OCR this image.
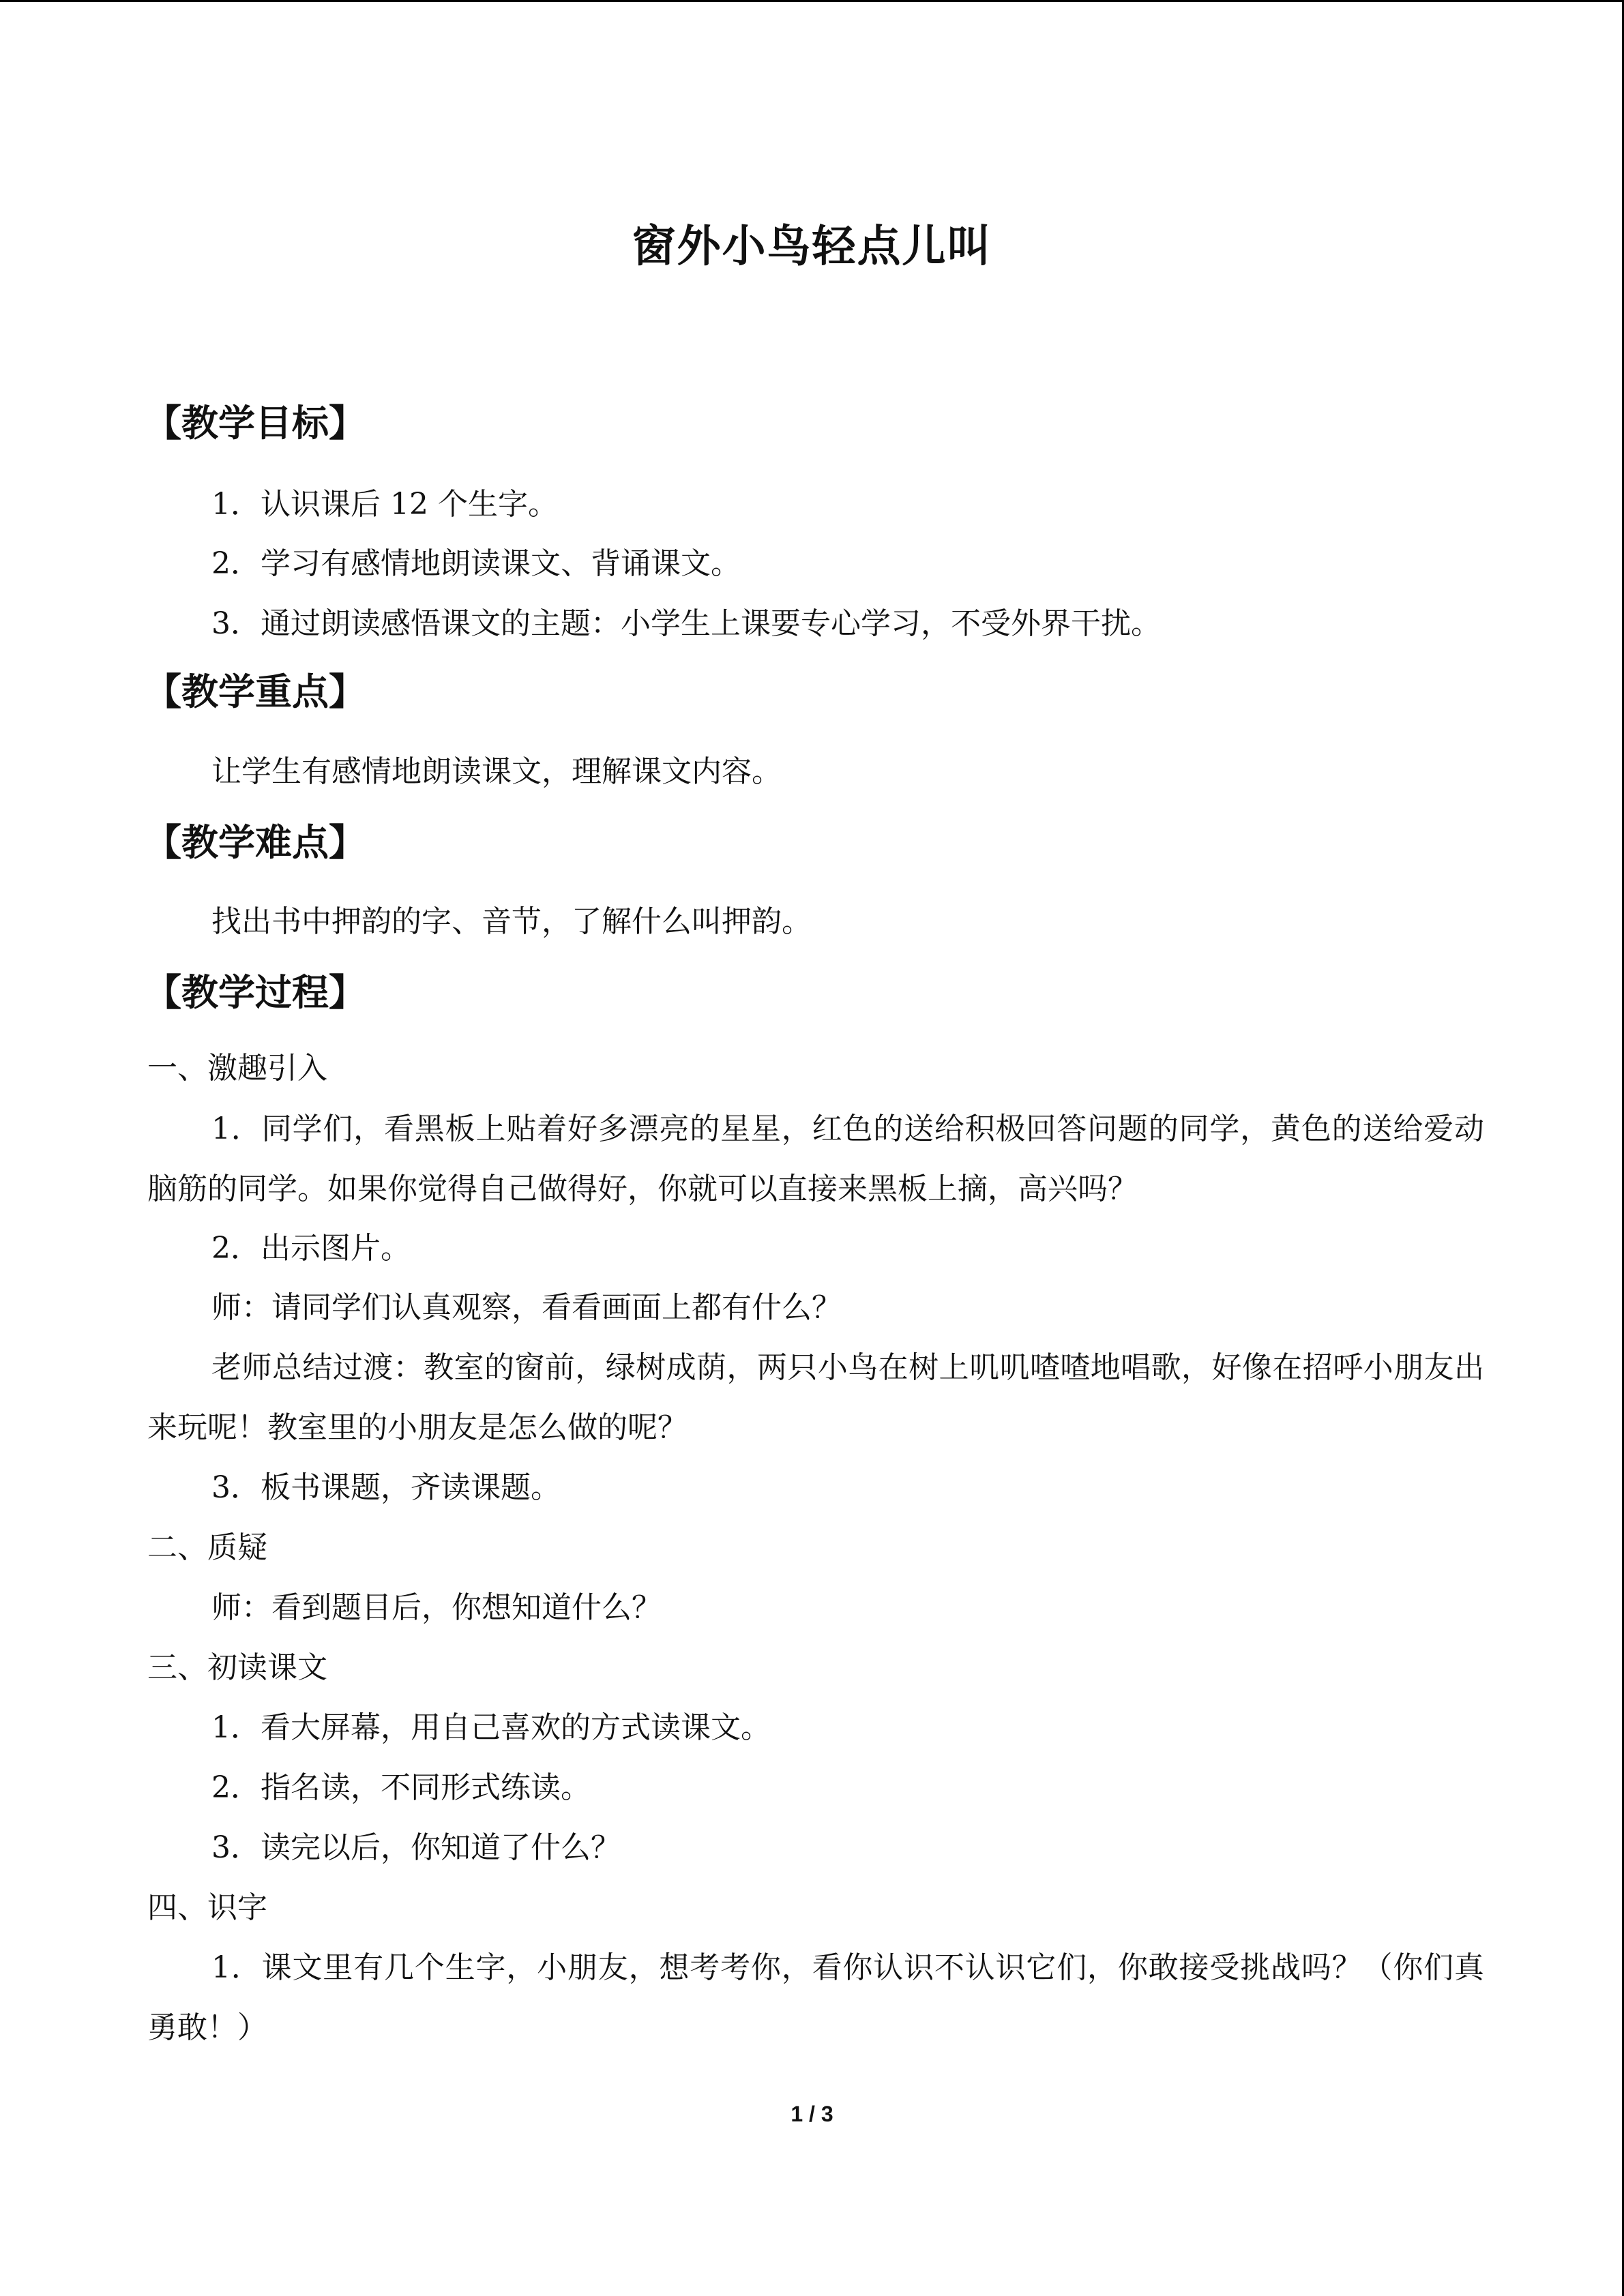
窗外小鸟轻点儿叫
【教学目标】
1．认识课后 12 个生字。
2．学习有感情地朗读课文、背诵课文。
3．通过朗读感悟课文的主题：小学生上课要专心学习，不受外界干扰。
【教学重点】
让学生有感情地朗读课文，理解课文内容。
【教学难点】
找出书中押韵的字、音节，了解什么叫押韵。
【教学过程】
一、激趣引入

1．同学们，看黑板上贴着好多漂亮的星星，红色的送给积极回答问题的同学，黄色的送给爱动脑筋的同学。如果你觉得自己做得好，你就可以直接来黑板上摘，高兴吗？

2．出示图片。
师：请同学们认真观察，看看画面上都有什么？

老师总结过渡：教室的窗前，绿树成荫，两只小鸟在树上叽叽喳喳地唱歌，好像在招呼小朋友出来玩呢！教室里的小朋友是怎么做的呢？

3．板书课题，齐读课题。
二、质疑
师：看到题目后，你想知道什么？
三、初读课文
1．看大屏幕，用自己喜欢的方式读课文。
2．指名读，不同形式练读。
3．读完以后，你知道了什么？
四、识字

1．课文里有几个生字，小朋友，想考考你，看你认识不认识它们，你敢接受挑战吗？（你们真勇敢！）

1 / 3
